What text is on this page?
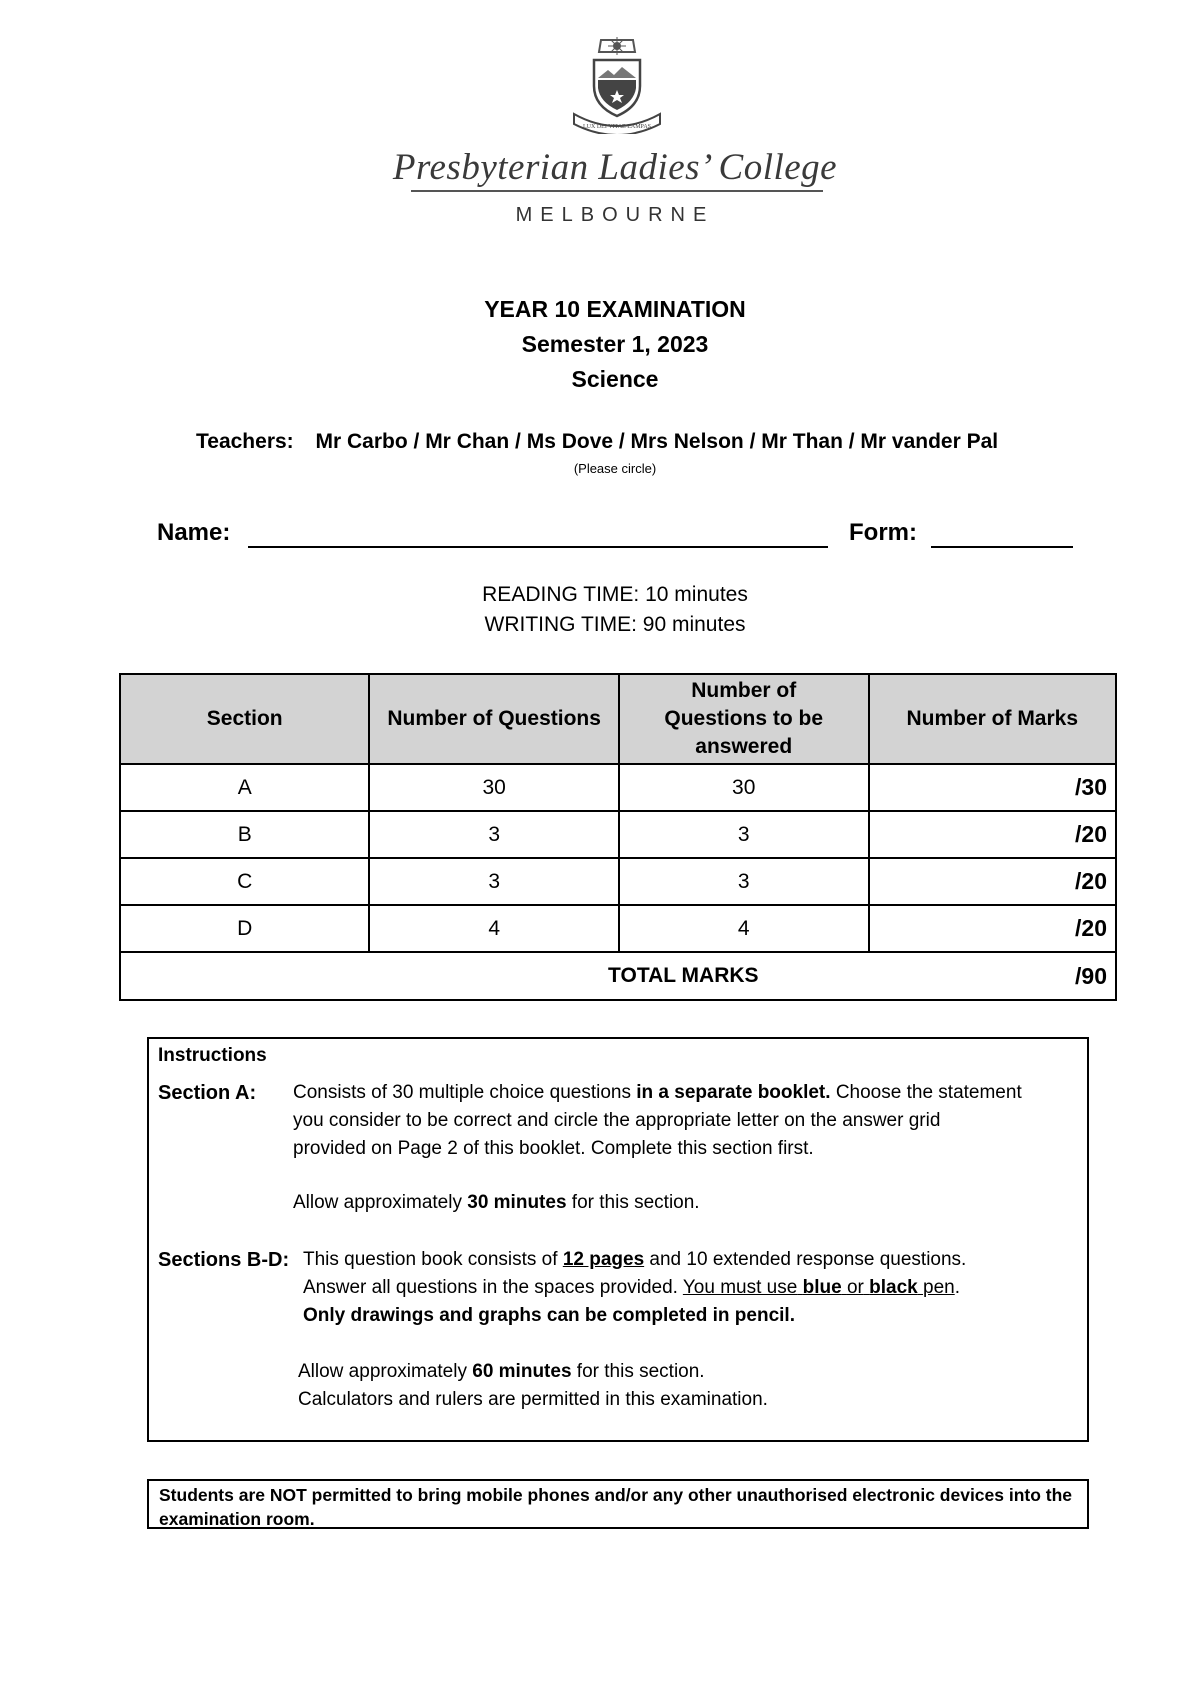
LUX DEI VITAE LAMPAS
Presbyterian Ladies’ College
MELBOURNE
YEAR 10 EXAMINATION
Semester 1, 2023
Science
Teachers: Mr Carbo / Mr Chan / Ms Dove / Mrs Nelson / Mr Than / Mr vander Pal
(Please circle)
Name:	Form:
READING TIME: 10 minutes
WRITING TIME: 90 minutes
Section	Number of Questions	Number of Questions to be answered	Number of Marks
A	30	30	/30
B	3	3	/20
C	3	3	/20
D	4	4	/20
TOTAL MARKS			/90
Instructions
Section A: Consists of 30 multiple choice questions in a separate booklet. Choose the statement
you consider to be correct and circle the appropriate letter on the answer grid
provided on Page 2 of this booklet. Complete this section first.
Allow approximately 30 minutes for this section.
Sections B-D: This question book consists of 12 pages and 10 extended response questions.
Answer all questions in the spaces provided. You must use blue or black pen.
Only drawings and graphs can be completed in pencil.
Allow approximately 60 minutes for this section.
Calculators and rulers are permitted in this examination.
Students are NOT permitted to bring mobile phones and/or any other unauthorised electronic devices into the
examination room.
